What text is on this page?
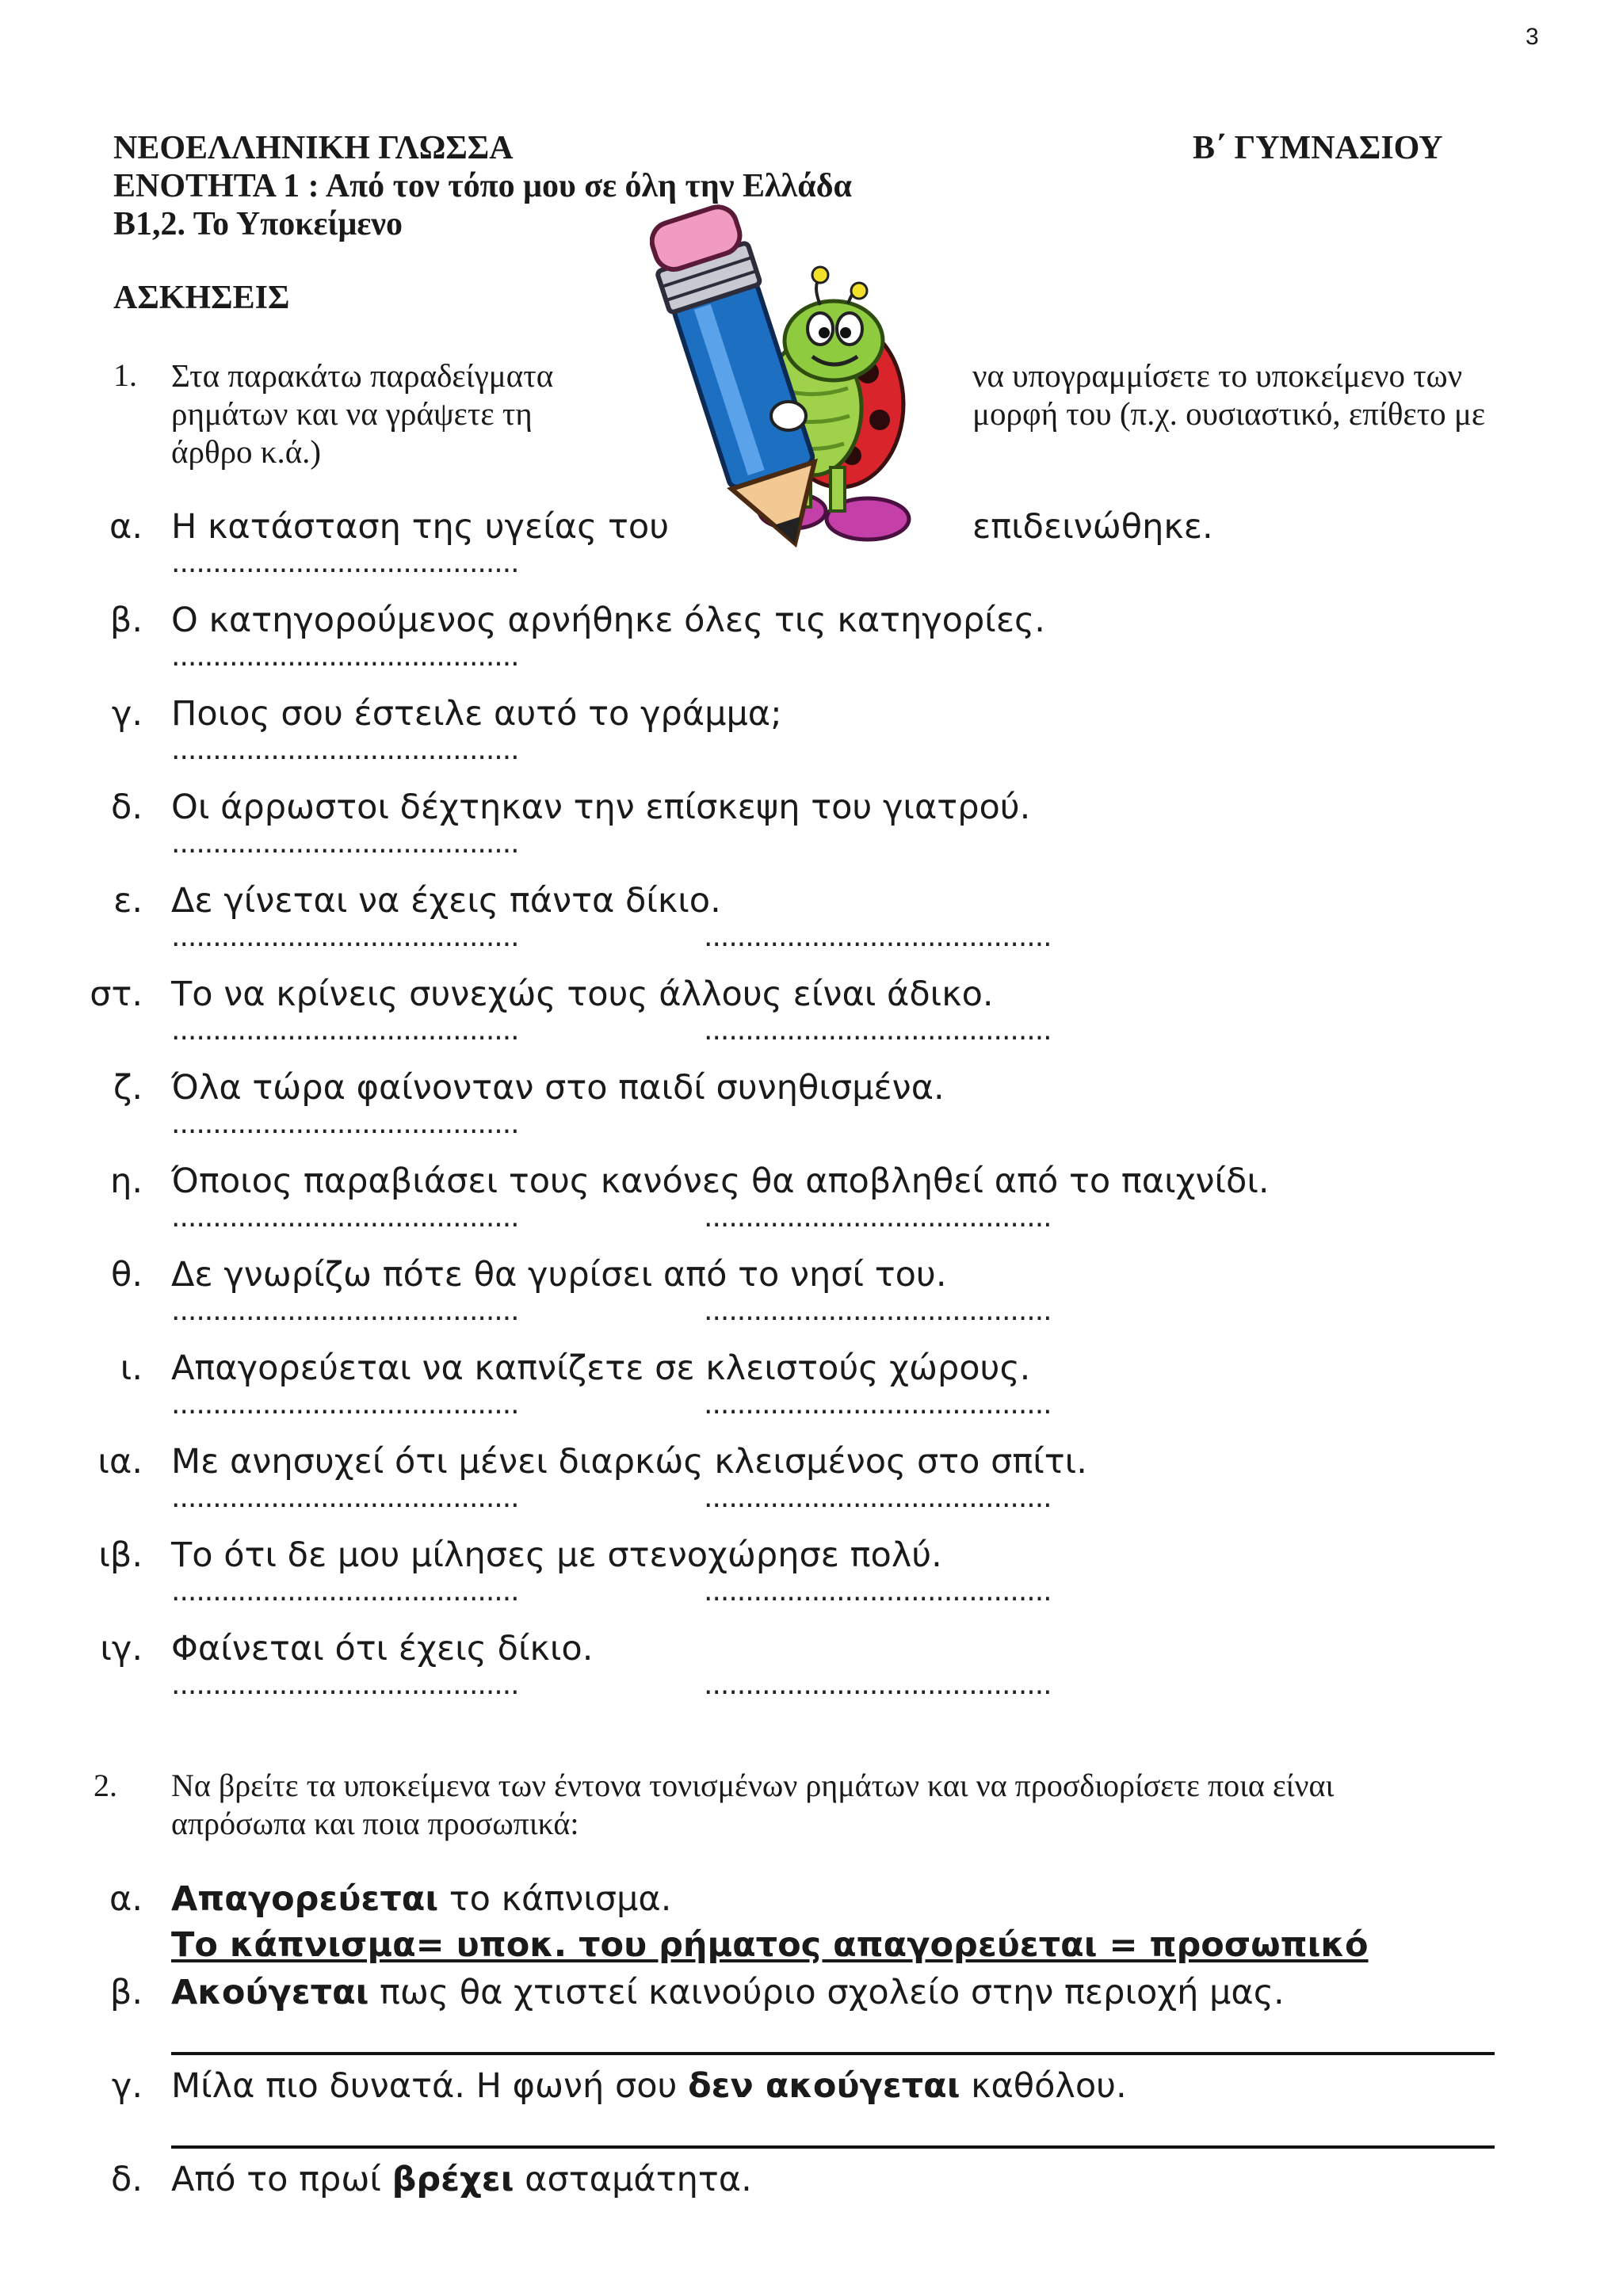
3
ΝΕΟΕΛΛΗΝΙΚΗ ΓΛΩΣΣΑ	Β΄ ΓΥΜΝΑΣΙΟΥ
ΕΝΟΤΗΤΑ 1 : Από τον τόπο μου σε όλη την Ελλάδα
Β1,2. Το Υποκείμενο
ΑΣΚΗΣΕΙΣ
1. Στα παρακάτω παραδείγματα	να υπογραμμίσετε το υποκείμενο των
ρημάτων και να γράψετε τη	μορφή του (π.χ. ουσιαστικό, επίθετο με
άρθρο κ.ά.)
α. Η κατάσταση της υγείας του	επιδεινώθηκε.
..........................................
β. Ο κατηγορούμενος αρνήθηκε όλες τις κατηγορίες.
..........................................
γ. Ποιος σου έστειλε αυτό το γράμμα;
..........................................
δ. Οι άρρωστοι δέχτηκαν την επίσκεψη του γιατρού.
..........................................
ε. Δε γίνεται να έχεις πάντα δίκιο.
..........................................	..........................................
στ. Το να κρίνεις συνεχώς τους άλλους είναι άδικο.
..........................................	..........................................
ζ. Όλα τώρα φαίνονταν στο παιδί συνηθισμένα.
..........................................
η. Όποιος παραβιάσει τους κανόνες θα αποβληθεί από το παιχνίδι.
..........................................	..........................................
θ. Δε γνωρίζω πότε θα γυρίσει από το νησί του.
..........................................	..........................................
ι. Απαγορεύεται να καπνίζετε σε κλειστούς χώρους.
..........................................	..........................................
ια. Με ανησυχεί ότι μένει διαρκώς κλεισμένος στο σπίτι.
..........................................	..........................................
ιβ. Το ότι δε μου μίλησες με στενοχώρησε πολύ.
..........................................	..........................................
ιγ. Φαίνεται ότι έχεις δίκιο.
..........................................	..........................................
2. Να βρείτε τα υποκείμενα των έντονα τονισμένων ρημάτων και να προσδιορίσετε ποια είναι
απρόσωπα και ποια προσωπικά:
α. Απαγορεύεται το κάπνισμα.
Το κάπνισμα= υποκ. του ρήματος απαγορεύεται = προσωπικό
β. Ακούγεται πως θα χτιστεί καινούριο σχολείο στην περιοχή μας.
γ. Μίλα πιο δυνατά. Η φωνή σου δεν ακούγεται καθόλου.
δ. Από το πρωί βρέχει ασταμάτητα.
